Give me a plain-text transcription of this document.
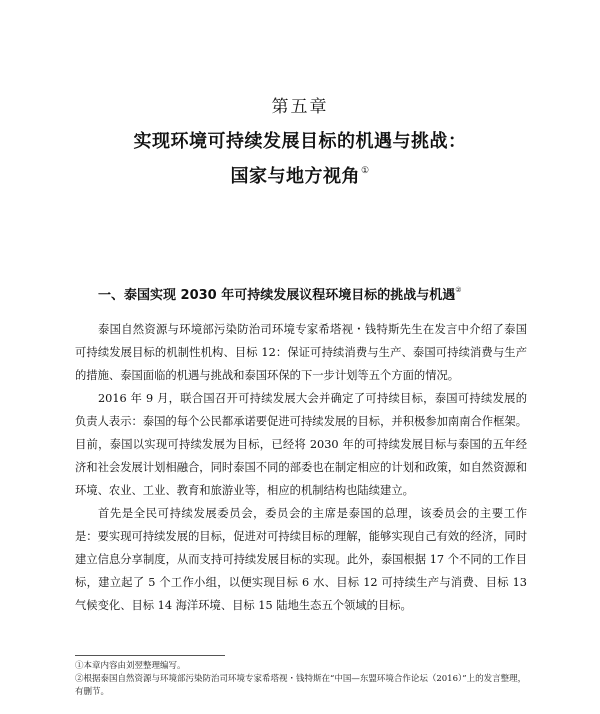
第五章
实现环境可持续发展目标的机遇与挑战：
国家与地方视角①
一、泰国实现 2030 年可持续发展议程环境目标的挑战与机遇②

泰国自然资源与环境部污染防治司环境专家希塔视・钱特斯先生在发言中介绍了泰国可持续发展目标的机制性机构、目标 12：保证可持续消费与生产、泰国可持续消费与生产的措施、泰国面临的机遇与挑战和泰国环保的下一步计划等五个方面的情况。

2016 年 9 月，联合国召开可持续发展大会并确定了可持续目标，泰国可持续发展的负责人表示：泰国的每个公民都承诺要促进可持续发展的目标，并积极参加南南合作框架。目前，泰国以实现可持续发展为目标，已经将 2030 年的可持续发展目标与泰国的五年经济和社会发展计划相融合，同时泰国不同的部委也在制定相应的计划和政策，如自然资源和环境、农业、工业、教育和旅游业等，相应的机制结构也陆续建立。

首先是全民可持续发展委员会，委员会的主席是泰国的总理，该委员会的主要工作是：要实现可持续发展的目标，促进对可持续目标的理解，能够实现自己有效的经济，同时建立信息分享制度，从而支持可持续发展目标的实现。此外，泰国根据 17 个不同的工作目标，建立起了 5 个工作小组，以便实现目标 6 水、目标 12 可持续生产与消费、目标 13 气候变化、目标 14 海洋环境、目标 15 陆地生态五个领域的目标。

①本章内容由刘翌整理编写。

②根据泰国自然资源与环境部污染防治司环境专家希塔视・钱特斯在“中国—东盟环境合作论坛（2016）”上的发言整理，有删节。
